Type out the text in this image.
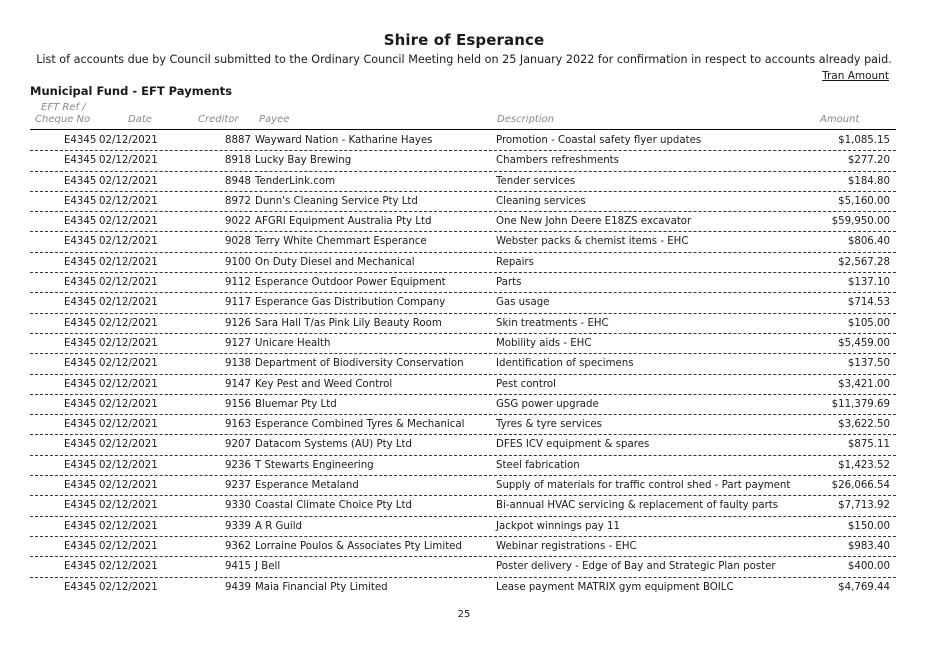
Shire of Esperance
List of accounts due by Council submitted to the Ordinary Council Meeting held on 25 January 2022 for confirmation in respect to accounts already paid.
Tran Amount
Municipal Fund - EFT Payments
EFT Ref /
Cheque No	Date	Creditor Payee	Description	Amount
E4345 02/12/2021	8887 Wayward Nation - Katharine Hayes	Promotion - Coastal safety flyer updates	$1,085.15
E4345 02/12/2021	8918 Lucky Bay Brewing	Chambers refreshments	$277.20
E4345 02/12/2021	8948 TenderLink.com	Tender services	$184.80
E4345 02/12/2021	8972 Dunn's Cleaning Service Pty Ltd	Cleaning services	$5,160.00
E4345 02/12/2021	9022 AFGRI Equipment Australia Pty Ltd	One New John Deere E18ZS excavator	$59,950.00
E4345 02/12/2021	9028 Terry White Chemmart Esperance	Webster packs & chemist items - EHC	$806.40
E4345 02/12/2021	9100 On Duty Diesel and Mechanical	Repairs	$2,567.28
E4345 02/12/2021	9112 Esperance Outdoor Power Equipment	Parts	$137.10
E4345 02/12/2021	9117 Esperance Gas Distribution Company	Gas usage	$714.53
E4345 02/12/2021	9126 Sara Hall T/as Pink Lily Beauty Room	Skin treatments - EHC	$105.00
E4345 02/12/2021	9127 Unicare Health	Mobility aids - EHC	$5,459.00
E4345 02/12/2021	9138 Department of Biodiversity Conservation	Identification of specimens	$137.50
E4345 02/12/2021	9147 Key Pest and Weed Control	Pest control	$3,421.00
E4345 02/12/2021	9156 Bluemar Pty Ltd	GSG power upgrade	$11,379.69
E4345 02/12/2021	9163 Esperance Combined Tyres & Mechanical	Tyres & tyre services	$3,622.50
E4345 02/12/2021	9207 Datacom Systems (AU) Pty Ltd	DFES ICV equipment & spares	$875.11
E4345 02/12/2021	9236 T Stewarts Engineering	Steel fabrication	$1,423.52
E4345 02/12/2021	9237 Esperance Metaland	Supply of materials for traffic control shed - Part payment	$26,066.54
E4345 02/12/2021	9330 Coastal Climate Choice Pty Ltd	Bi-annual HVAC servicing & replacement of faulty parts	$7,713.92
E4345 02/12/2021	9339 A R Guild	Jackpot winnings pay 11	$150.00
E4345 02/12/2021	9362 Lorraine Poulos & Associates Pty Limited	Webinar registrations - EHC	$983.40
E4345 02/12/2021	9415 J Bell	Poster delivery - Edge of Bay and Strategic Plan poster	$400.00
E4345 02/12/2021	9439 Maia Financial Pty Limited	Lease payment MATRIX gym equipment BOILC	$4,769.44
25
